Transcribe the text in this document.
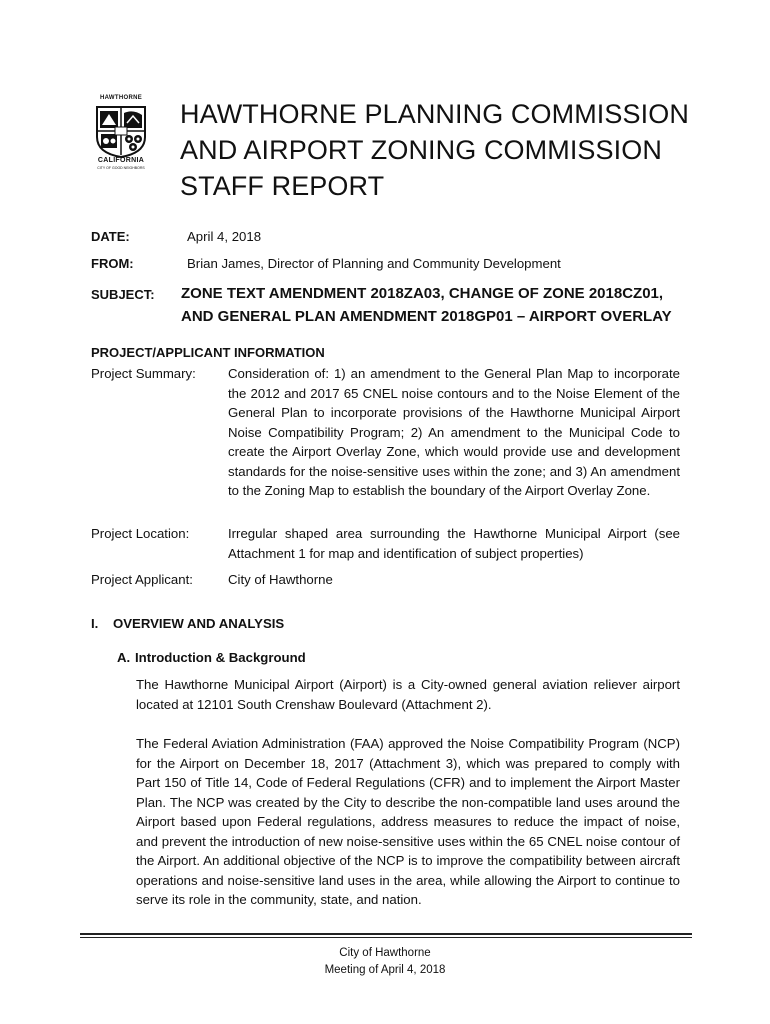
HAWTHORNE
CALIFORNIA
CITY OF GOOD NEIGHBORS
HAWTHORNE PLANNING COMMISSION
AND AIRPORT ZONING COMMISSION
STAFF REPORT
DATE:	April 4, 2018
FROM:	Brian James, Director of Planning and Community Development
SUBJECT: ZONE TEXT AMENDMENT 2018ZA03, CHANGE OF ZONE 2018CZ01,
AND GENERAL PLAN AMENDMENT 2018GP01 – AIRPORT OVERLAY
PROJECT/APPLICANT INFORMATION
Project Summary: Consideration of: 1) an amendment to the General Plan Map to incorporate the 2012 and 2017 65 CNEL noise contours and to the Noise Element of the General Plan to incorporate provisions of the Hawthorne Municipal Airport Noise Compatibility Program; 2) An amendment to the Municipal Code to create the Airport Overlay Zone, which would provide use and development standards for the noise-sensitive uses within the zone; and 3) An amendment to the Zoning Map to establish the boundary of the Airport Overlay Zone.
Project Location:	Irregular shaped area surrounding the Hawthorne Municipal Airport (see Attachment 1 for map and identification of subject properties)
Project Applicant:	City of Hawthorne
I. OVERVIEW AND ANALYSIS
A. Introduction & Background
The Hawthorne Municipal Airport (Airport) is a City-owned general aviation reliever airport located at 12101 South Crenshaw Boulevard (Attachment 2).
The Federal Aviation Administration (FAA) approved the Noise Compatibility Program (NCP) for the Airport on December 18, 2017 (Attachment 3), which was prepared to comply with Part 150 of Title 14, Code of Federal Regulations (CFR) and to implement the Airport Master Plan. The NCP was created by the City to describe the non-compatible land uses around the Airport based upon Federal regulations, address measures to reduce the impact of noise, and prevent the introduction of new noise-sensitive uses within the 65 CNEL noise contour of the Airport. An additional objective of the NCP is to improve the compatibility between aircraft operations and noise-sensitive land uses in the area, while allowing the Airport to continue to serve its role in the community, state, and nation.
City of Hawthorne
Meeting of April 4, 2018
